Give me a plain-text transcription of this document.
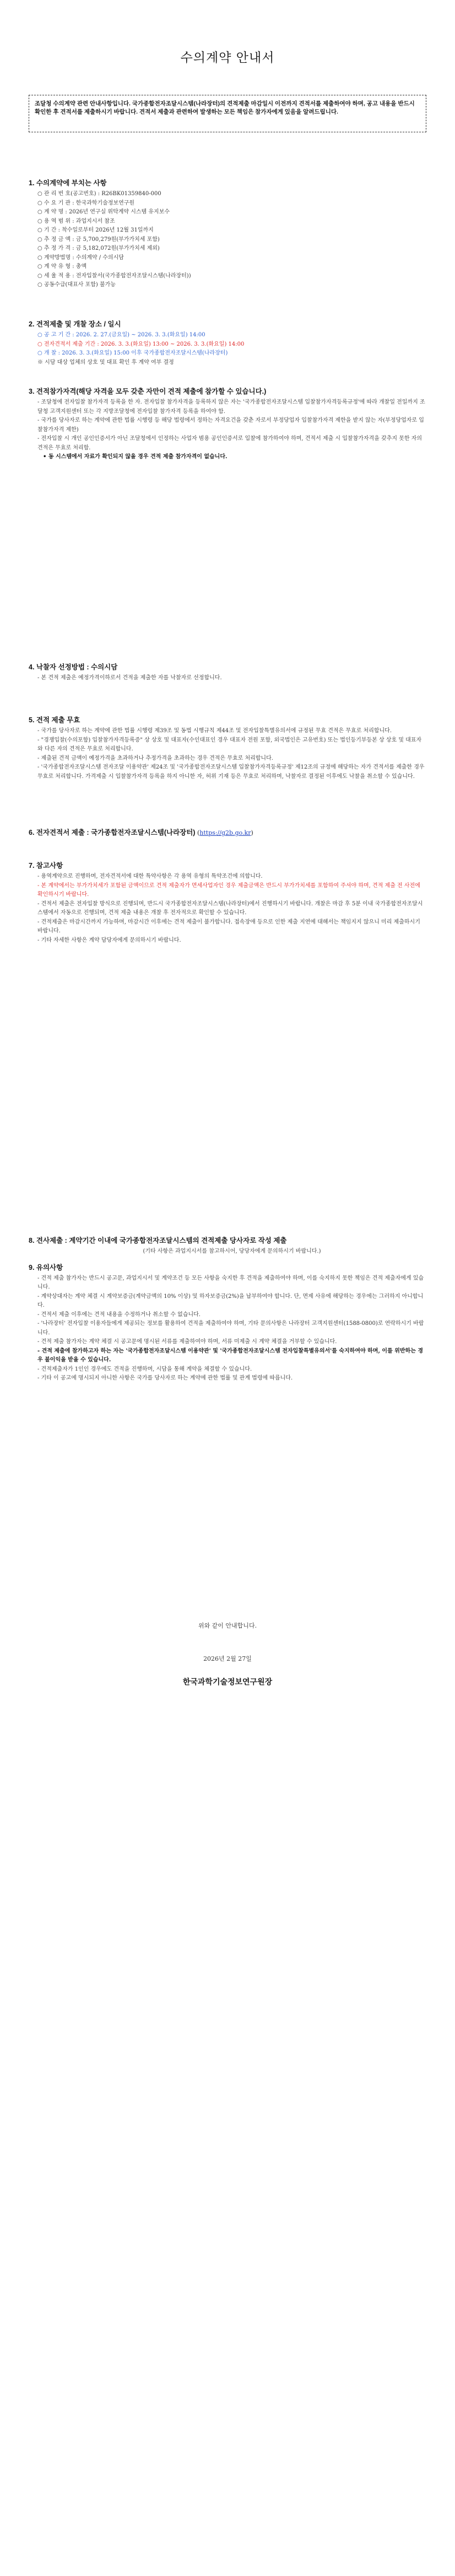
수의계약 안내서
조달청 수의계약 관련 안내사항입니다. 국가종합전자조달시스템(나라장터)의 견적제출 마감일시 이전까지 견적서를 제출하여야 하며, 공고 내용을 반드시 확인한 후 견적서를 제출하시기 바랍니다. 견적서 제출과 관련하여 발생하는 모든 책임은 참가자에게 있음을 알려드립니다.
1. 수의계약에 부치는 사항
○ 관 리 번 호(공고번호) : R26BK01359840-000
○ 수 요 기 관 : 한국과학기술정보연구원
○ 계 약 명 : 2026년 연구실 위탁계약 시스템 유지보수
○ 용 역 범 위 : 과업지시서 참조
○ 기 간 : 착수일로부터 2026년 12월 31일까지
○ 추 정 금 액 : 금 5,700,279원(부가가치세 포함)
○ 추 정 가 격 : 금 5,182,072원(부가가치세 제외)
○ 계약방법명 : 수의계약 / 수의시담
○ 계 약 유 형 : 총액
○ 세 율 적 용 : 전자입찰서(국가종합전자조달시스템(나라장터))
○ 공동수급(대표사 포함) 불가능
2. 견적제출 및 개찰 장소 / 일시
○ 공 고 기 간 : 2026. 2. 27.(금요일) ~ 2026. 3. 3.(화요일) 14:00
○ 전자견적서 제출 기간 : 2026. 3. 3.(화요일) 13:00 ~ 2026. 3. 3.(화요일) 14:00
○ 개 찰 : 2026. 3. 3.(화요일) 15:00 이후 국가종합전자조달시스템(나라장터)
※ 시담 대상 업체의 상호 및 대표 확인 후 계약 여부 결정
3. 견적참가자격(해당 자격을 모두 갖춘 자만이 견적 제출에 참가할 수 있습니다.)
- 조달청에 전자입찰 참가자격 등록을 한 자. 전자입찰 참가자격을 등록하지 않은 자는 '국가종합전자조달시스템 입찰참가자격등록규정'에 따라 개찰일 전일까지 조달청 고객지원센터 또는 각 지방조달청에 전자입찰 참가자격 등록을 하여야 함.
- 국가를 당사자로 하는 계약에 관한 법률 시행령 등 해당 법령에서 정하는 자격요건을 갖춘 자로서 부정당업자 입찰참가자격 제한을 받지 않는 자(부정당업자로 입찰참가자격 제한)
- 전자입찰 시 개인 공인인증서가 아닌 조달청에서 인정하는 사업자 범용 공인인증서로 입찰에 참가하여야 하며, 견적서 제출 시 입찰참가자격을 갖추지 못한 자의 견적은 무효로 처리함.
• 동 시스템에서 자료가 확인되지 않을 경우 견적 제출 참가자격이 없습니다.
4. 낙찰자 선정방법 : 수의시담
- 본 견적 제출은 예정가격이하로서 견적을 제출한 자를 낙찰자로 선정합니다.
5. 견적 제출 무효
- 국가를 당사자로 하는 계약에 관한 법률 시행령 제39조 및 동법 시행규칙 제44조 및 전자입찰특별유의서에 규정된 무효 견적은 무효로 처리합니다.
- "경쟁입찰(수의포함) 입찰참가자격등록증" 상 상호 및 대표자(수인대표인 경우 대표자 전원 포함, 외국법인은 고유번호) 또는 법인등기부등본 상 상호 및 대표자와 다른 자의 견적은 무효로 처리합니다.
- 제출된 견적 금액이 예정가격을 초과하거나 추정가격을 초과하는 경우 견적은 무효로 처리합니다.
- '국가종합전자조달시스템 전자조달 이용약관' 제24조 및 '국가종합전자조달시스템 입찰참가자격등록규정' 제12조의 규정에 해당하는 자가 견적서를 제출한 경우 무효로 처리합니다. 가격제출 시 입찰참가자격 등록을 하지 아니한 자, 허위 기재 등은 무효로 처리하며, 낙찰자로 결정된 이후에도 낙찰을 취소할 수 있습니다.
6. 전자견적서 제출 : 국가종합전자조달시스템(나라장터) (https://g2b.go.kr)
7. 참고사항
- 용역계약으로 진행하며, 전자견적서에 대한 특약사항은 각 용역 유형의 특약조건에 의합니다.
- 본 계약에서는 부가가치세가 포함된 금액이므로 견적 제출자가 면세사업자인 경우 제출금액은 반드시 부가가치세를 포함하여 주셔야 하며, 견적 제출 전 사전에 확인하시기 바랍니다.
- 견적서 제출은 전자입찰 방식으로 진행되며, 반드시 국가종합전자조달시스템(나라장터)에서 진행하시기 바랍니다. 개찰은 마감 후 5분 이내 국가종합전자조달시스템에서 자동으로 진행되며, 견적 제출 내용은 개찰 후 전자적으로 확인할 수 있습니다.
- 견적제출은 마감시간까지 가능하며, 마감시간 이후에는 견적 제출이 불가합니다. 접속장애 등으로 인한 제출 지연에 대해서는 책임지지 않으니 미리 제출하시기 바랍니다.
- 기타 자세한 사항은 계약 담당자에게 문의하시기 바랍니다.
8. 견사제출 : 계약기간 이내에 국가종합전자조달시스템의 견적제출 당사자로 작성 제출
(기타 사항은 과업지시서를 참고하시어, 당당자에게 문의하시기 바랍니다.)
9. 유의사항
- 견적 제출 참가자는 반드시 공고문, 과업지시서 및 계약조건 등 모든 사항을 숙지한 후 견적을 제출하여야 하며, 이를 숙지하지 못한 책임은 견적 제출자에게 있습니다.
- 계약상대자는 계약 체결 시 계약보증금(계약금액의 10% 이상) 및 하자보증금(2%)을 납부하여야 합니다. 단, 면제 사유에 해당하는 경우에는 그러하지 아니합니다.
- 견적서 제출 이후에는 견적 내용을 수정하거나 취소할 수 없습니다.
- '나라장터' 전자입찰 이용자들에게 제공되는 정보를 활용하여 견적을 제출하여야 하며, 기타 문의사항은 나라장터 고객지원센터(1588-0800)로 연락하시기 바랍니다.
- 견적 제출 참가자는 계약 체결 시 공고문에 명시된 서류를 제출하여야 하며, 서류 미제출 시 계약 체결을 거부할 수 있습니다.
- 견적 제출에 참가하고자 하는 자는 '국가종합전자조달시스템 이용약관' 및 '국가종합전자조달시스템 전자입찰특별유의서'를 숙지하여야 하며, 이를 위반하는 경우 불이익을 받을 수 있습니다.
- 견적제출자가 1인인 경우에도 견적을 진행하며, 시담을 통해 계약을 체결할 수 있습니다.
- 기타 이 공고에 명시되지 아니한 사항은 국가를 당사자로 하는 계약에 관한 법률 및 관계 법령에 따릅니다.
위와 같이 안내합니다.
2026년 2월 27일
한국과학기술정보연구원장
